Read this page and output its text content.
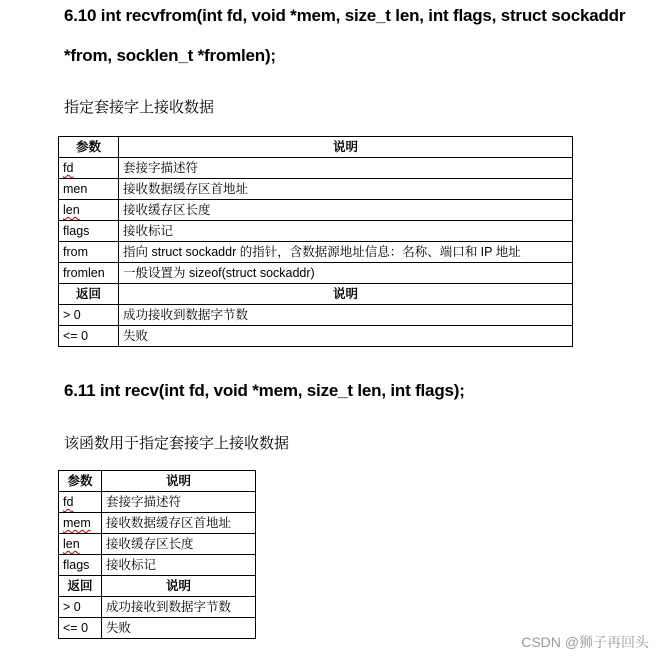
6.10 int recvfrom(int fd, void *mem, size_t len, int flags, struct sockaddr
*from, socklen_t *fromlen);
指定套接字上接收数据
参数	说明
fd	套接字描述符
men	接收数据缓存区首地址
len	接收缓存区长度
flags	接收标记
from	指向 struct sockaddr 的指针，含数据源地址信息：名称、端口和 IP 地址
fromlen	一般设置为 sizeof(struct sockaddr)
返回	说明
> 0	成功接收到数据字节数
<= 0	失败
6.11 int recv(int fd, void *mem, size_t len, int flags);
该函数用于指定套接字上接收数据
参数	说明
fd	套接字描述符
mem	接收数据缓存区首地址
len	接收缓存区长度
flags	接收标记
返回	说明
> 0	成功接收到数据字节数
<= 0	失败
CSDN @狮子再回头
